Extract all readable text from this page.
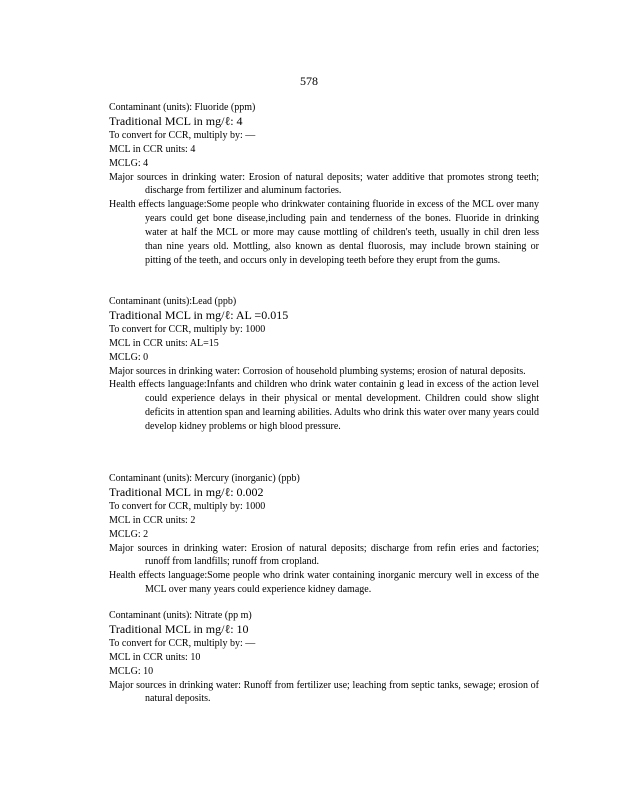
578
Contaminant (units): Fluoride (ppm)
Traditional MCL in mg/ℓ: 4
To convert for CCR, multiply by: —
MCL in CCR units: 4
MCLG: 4
Major sources in drinking water: Erosion of natural deposits; water additive that promotes strong teeth; discharge from fertilizer and aluminum factories.
Health effects language:Some people who drinkwater containing fluoride in excess of the MCL over many years could get bone disease,including pain and tenderness of the bones. Fluoride in drinking water at half the MCL or more may cause mottling of children's teeth, usually in chil dren less than nine years old. Mottling, also known as dental fluorosis, may include brown staining or pitting of the teeth, and occurs only in developing teeth before they erupt from the gums.
Contaminant (units):Lead (ppb)
Traditional MCL in mg/ℓ: AL =0.015
To convert for CCR, multiply by: 1000
MCL in CCR units: AL=15
MCLG: 0
Major sources in drinking water: Corrosion of household plumbing systems; erosion of natural deposits.
Health effects language:Infants and children who drink water containin g lead in excess of the action level could experience delays in their physical or mental development. Children could show slight deficits in attention span and learning abilities. Adults who drink this water over many years could develop kidney problems or high blood pressure.
Contaminant (units): Mercury (inorganic) (ppb)
Traditional MCL in mg/ℓ: 0.002
To convert for CCR, multiply by: 1000
MCL in CCR units: 2
MCLG: 2
Major sources in drinking water: Erosion of natural deposits; discharge from refin eries and factories; runoff from landfills; runoff from cropland.
Health effects language:Some people who drink water containing inorganic mercury well in excess of the MCL over many years could experience kidney damage.
Contaminant (units): Nitrate (pp m)
Traditional MCL in mg/ℓ: 10
To convert for CCR, multiply by: —
MCL in CCR units: 10
MCLG: 10
Major sources in drinking water: Runoff from fertilizer use; leaching from septic tanks, sewage; erosion of natural deposits.
